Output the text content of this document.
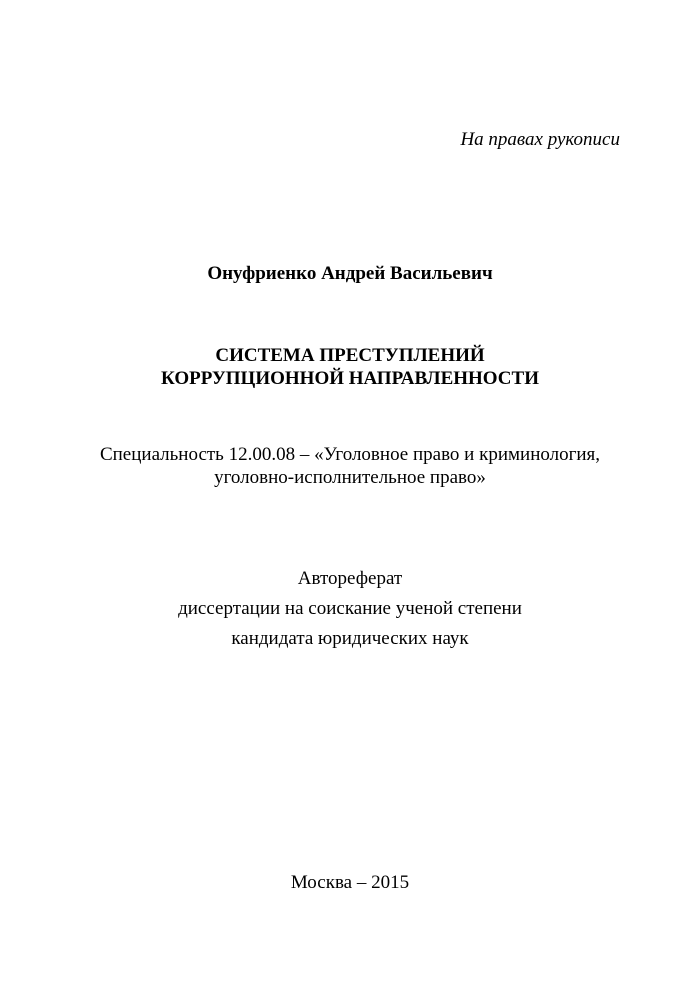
На правах рукописи
Онуфриенко Андрей Васильевич
СИСТЕМА ПРЕСТУПЛЕНИЙ
КОРРУПЦИОННОЙ НАПРАВЛЕННОСТИ
Специальность 12.00.08 – «Уголовное право и криминология,
уголовно-исполнительное право»
Автореферат
диссертации на соискание ученой степени
кандидата юридических наук
Москва – 2015
